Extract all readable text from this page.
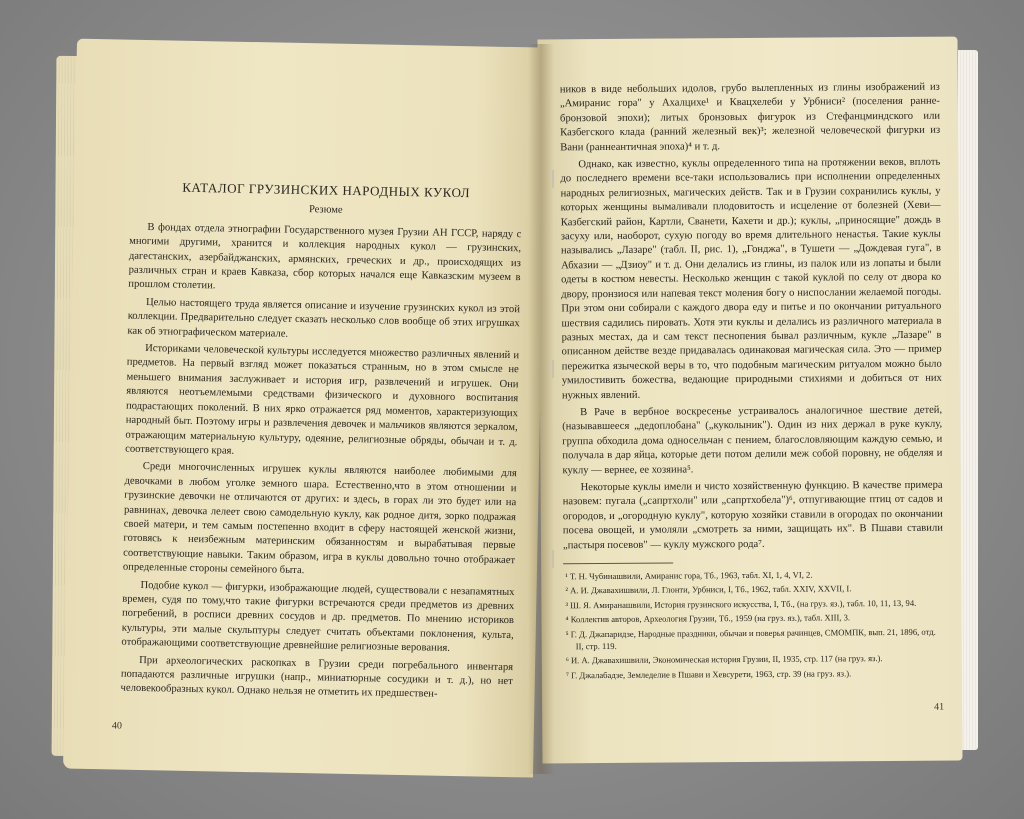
КАТАЛОГ ГРУЗИНСКИХ НАРОДНЫХ КУКОЛ
Резюме

В фондах отдела этнографии Государственного музея Грузии АН ГССР, наряду с многими другими, хранится и коллекция народных кукол — грузинских, дагестанских, азербайджанских, армянских, греческих и др., происходящих из различных стран и краев Кавказа, сбор которых начался еще Кавказским музеем в прошлом столетии.

Целью настоящего труда является описание и изучение грузинских кукол из этой коллекции. Предварительно следует сказать несколько слов вообще об этих игрушках как об этнографическом материале.

Историками человеческой культуры исследуется множество различных явлений и предметов. На первый взгляд может показаться странным, но в этом смысле не меньшего внимания заслуживает и история игр, развлечений и игрушек. Они являются неотъемлемыми средствами физического и духовного воспитания подрастающих поколений. В них ярко отражается ряд моментов, характеризующих народный быт. Поэтому игры и развлечения девочек и мальчиков являются зеркалом, отражающим материальную культуру, одеяние, религиозные обряды, обычаи и т. д. соответствующего края.

Среди многочисленных игрушек куклы являются наиболее любимыми для девочками в любом уголке земного шара. Естественно,что в этом отношении и грузинские девочки не отличаются от других: и здесь, в горах ли это будет или на равнинах, девочка лелеет свою самодельную куклу, как родное дитя, зорко подражая своей матери, и тем самым постепенно входит в сферу настоящей женской жизни, готовясь к неизбежным материнским обязанностям и вырабатывая первые соответствующие навыки. Таким образом, игра в куклы довольно точно отображает определенные стороны семейного быта.

Подобие кукол — фигурки, изображающие людей, существовали с незапамятных времен, судя по тому,что такие фигурки встречаются среди предметов из древних погребений, в росписи древних сосудов и др. предметов. По мнению историков культуры, эти малые скульптуры следует считать объектами поклонения, культа, отображающими соответствующие древнейшие религиозные верования.

При археологических раскопках в Грузии среди погребального инвентаря попадаются различные игрушки (напр., миниатюрные сосудики и т. д.), но нет человекообразных кукол. Однако нельзя не отметить их предшествен-

40

ников в виде небольших идолов, грубо вылепленных из глины изображений из „Амиранис гора" у Ахалцихе¹ и Квацхелеби у Урбниси² (поселения ранне-бронзовой эпохи); литых бронзовых фигурок из Стефанцминдского или Казбегского клада (ранний железный век)³; железной человеческой фигурки из Вани (раннеантичная эпоха)⁴ и т. д.

Однако, как известно, куклы определенного типа на протяжении веков, вплоть до последнего времени все-таки использовались при исполнении определенных народных религиозных, магических действ. Так и в Грузии сохранились куклы, у которых женщины вымаливали плодовитость и исцеление от болезней (Хеви—Казбегский район, Картли, Сванети, Кахети и др.); куклы, „приносящие" дождь в засуху или, наоборот, сухую погоду во время длительного ненастья. Такие куклы назывались „Лазаре" (табл. II, рис. 1), „Гонджа", в Тушети — „Дождевая гуга", в Абхазии — „Дзиоу" и т. д. Они делались из глины, из палок или из лопаты и были одеты в костюм невесты. Несколько женщин с такой куклой по селу от двора ко двору, пронзиося или напевая текст моления богу о ниспослании желаемой погоды. При этом они собирали с каждого двора еду и питье и по окончании ритуального шествия садились пировать. Хотя эти куклы и делались из различного материала в разных местах, да и сам текст песнопения бывал различным, кукле „Лазаре" в описанном действе везде придавалась одинаковая магическая сила. Это — пример пережитка языческой веры в то, что подобным магическим ритуалом можно было умилостивить божества, ведающие природными стихиями и добиться от них нужных явлений.

В Раче в вербное воскресенье устраивалось аналогичное шествие детей, (называвшееся „дедоплобана" („куколыник"). Один из них держал в руке куклу, группа обходила дома односельчан с пением, благословляющим каждую семью, и получала в дар яйца, которые дети потом делили меж собой поровну, не обделяя и куклу — вернее, ее хозяина⁵.

Некоторые куклы имели и чисто хозяйственную функцию. В качестве примера назовем: пугала („сапртхоли" или „сапртхобела")⁶, отпугивающие птиц от садов и огородов, и „огородную куклу", которую хозяйки ставили в огородах по окончании посева овощей, и умоляли „смотреть за ними, защищать их". В Пшави ставили „пастыря посевов" — куклу мужского рода⁷.

¹ Т. Н. Чубинашвили, Амиранис гора, Тб., 1963, табл. XI, 1, 4, VI, 2.

² А. И. Джавахишвили, Л. Глонти, Урбниси, I, Тб., 1962, табл. XXIV, XXVII, I.

³ Ш. Я. Амиранашвили, История грузинского искусства, I, Тб., (на груз. яз.), табл. 10, 11, 13, 94.

⁴ Коллектив авторов, Археология Грузии, Тб., 1959 (на груз. яз.), табл. XIII, 3.

⁵ Г. Д. Джапаридзе, Народные праздники, обычаи и поверья рачинцев, СМОМПК, вып. 21, 1896, отд. II, стр. 119.

⁶ И. А. Джавахишвили, Экономическая история Грузии, II, 1935, стр. 117 (на груз. яз.).

⁷ Г. Джалабадзе, Земледелие в Пшави и Хевсурети, 1963, стр. 39 (на груз. яз.).

41
